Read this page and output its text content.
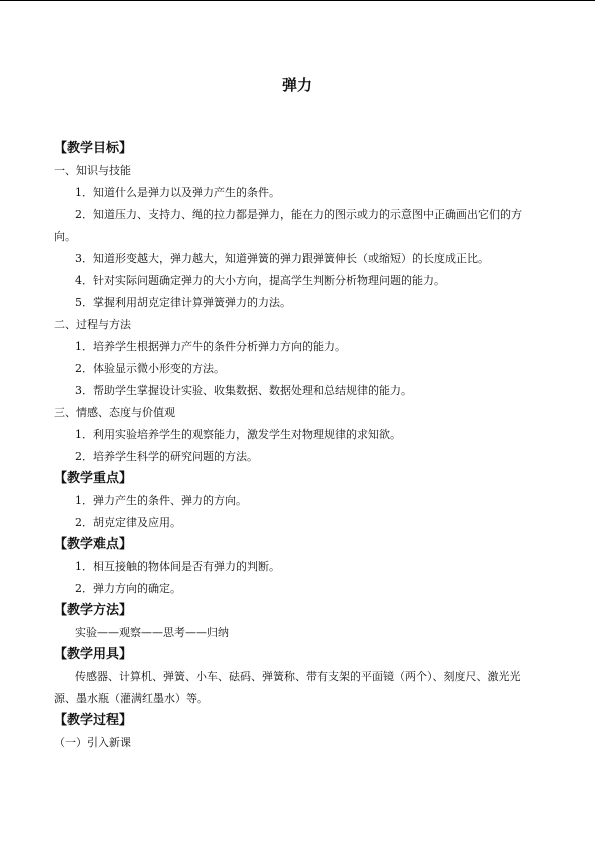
弹力
【教学目标】
一、知识与技能
1．知道什么是弹力以及弹力产生的条件。
2．知道压力、支持力、绳的拉力都是弹力，能在力的图示或力的示意图中正确画出它们的方向。
3．知道形变越大，弹力越大，知道弹簧的弹力跟弹簧伸长（或缩短）的长度成正比。
4．针对实际问题确定弹力的大小方向，提高学生判断分析物理问题的能力。
5．掌握利用胡克定律计算弹簧弹力的力法。
二、过程与方法
1．培养学生根据弹力产牛的条件分析弹力方向的能力。
2．体验显示微小形变的方法。
3．帮助学生掌握设计实验、收集数据、数据处理和总结规律的能力。
三、情感、态度与价值观
1．利用实验培养学生的观察能力，激发学生对物理规律的求知欲。
2．培养学生科学的研究问题的方法。
【教学重点】
1．弹力产生的条件、弹力的方向。
2．胡克定律及应用。
【教学难点】
1．相互接触的物体间是否有弹力的判断。
2．弹力方向的确定。
【教学方法】
实验——观察——思考——归纳
【教学用具】
传感器、计算机、弹簧、小车、砝码、弹簧称、带有支架的平面镜（两个）、刻度尺、激光光源、墨水瓶（灌满红墨水）等。
【教学过程】
（一）引入新课
